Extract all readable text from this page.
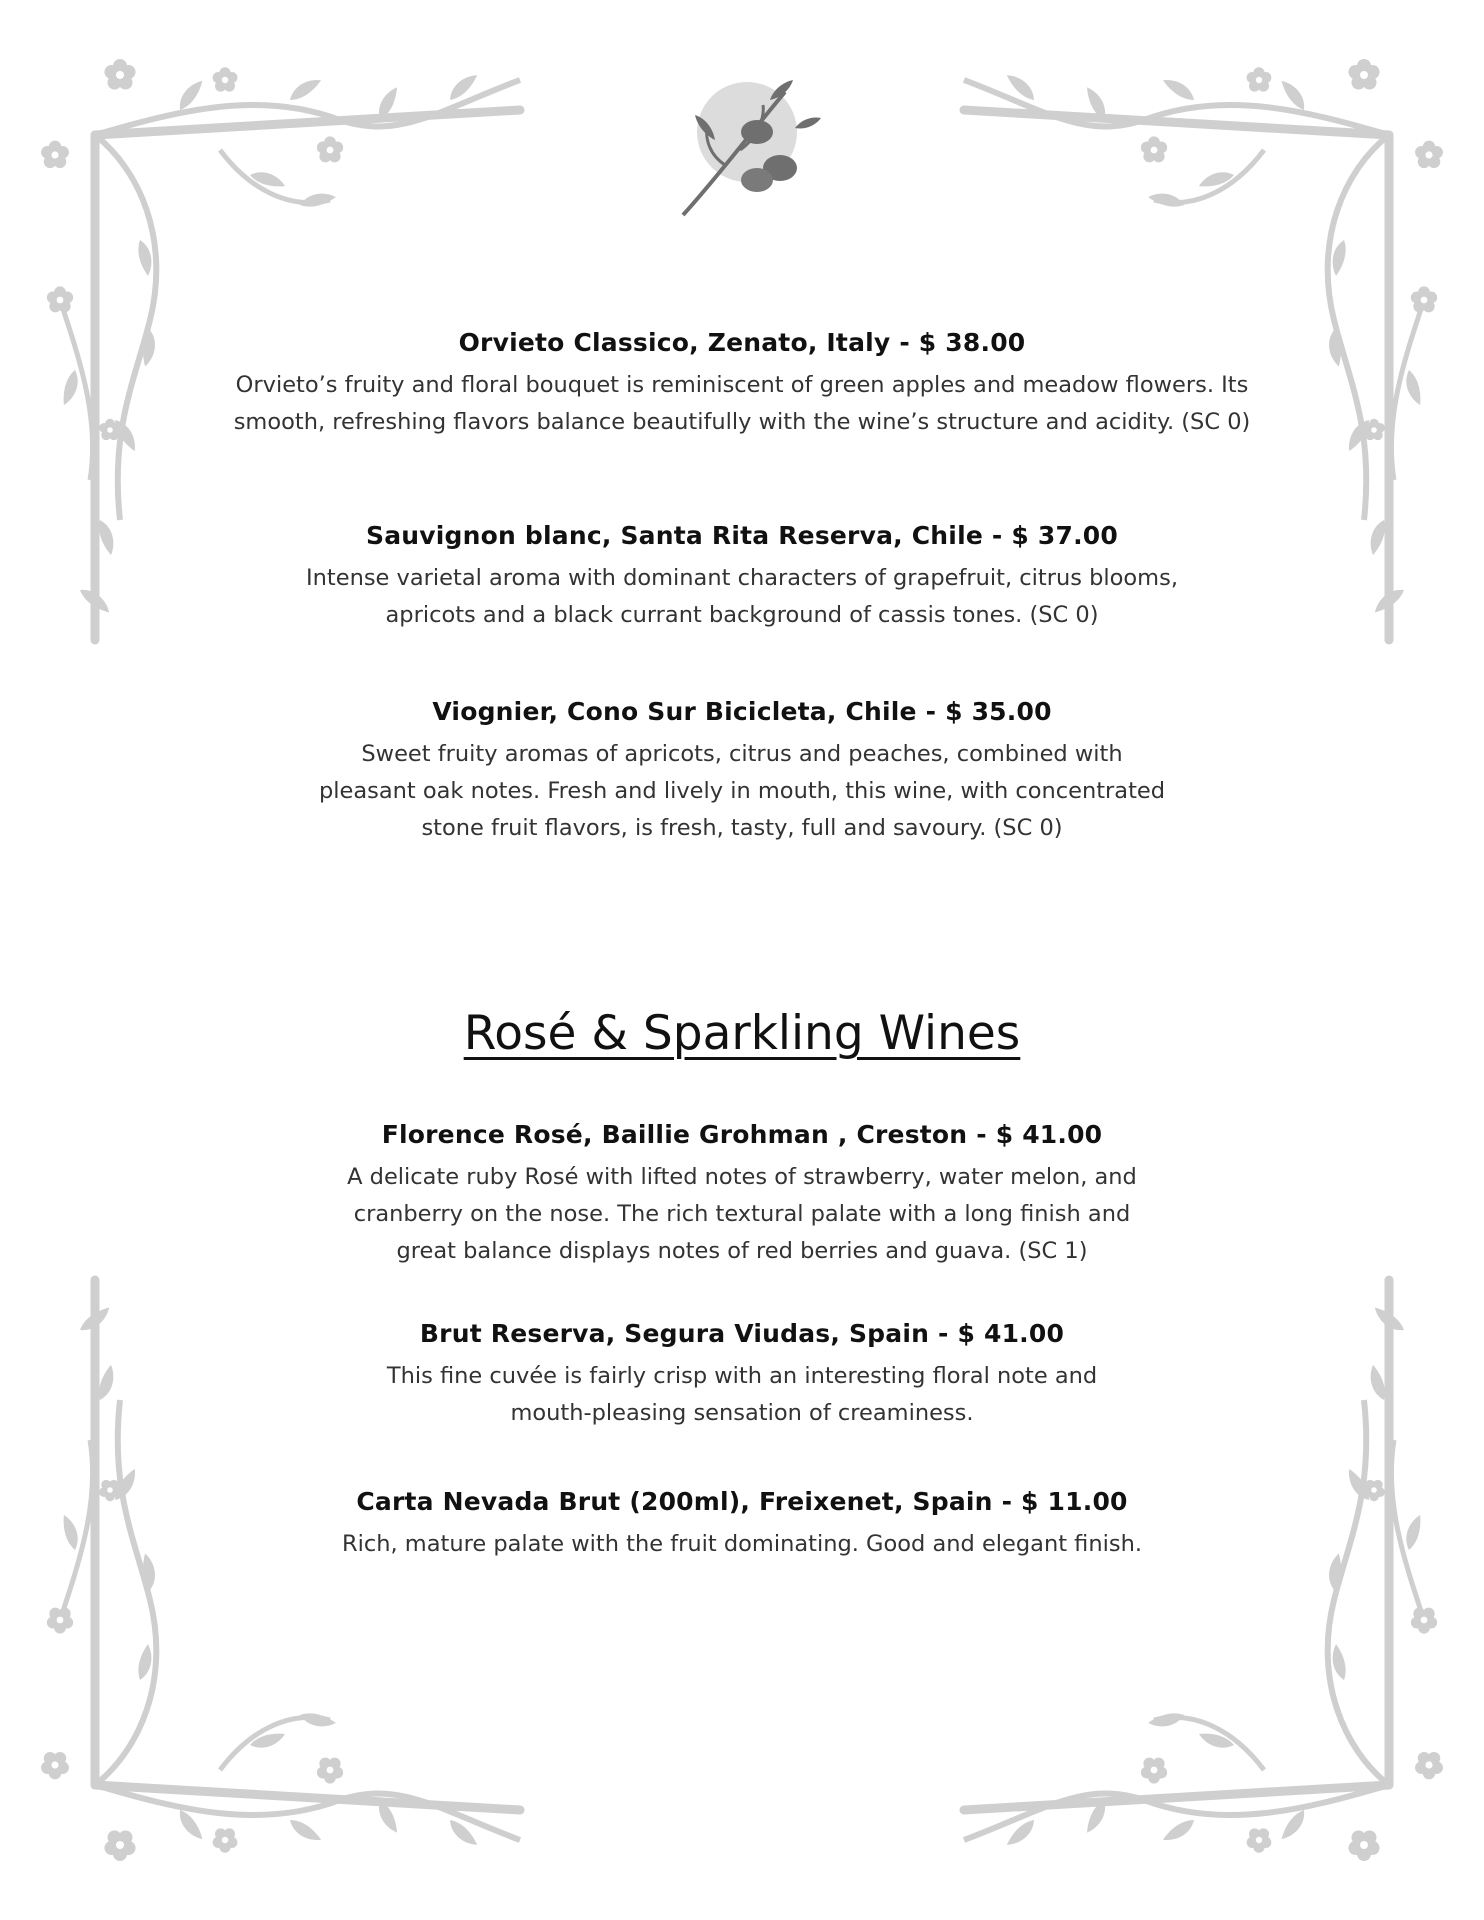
Orvieto Classico, Zenato, Italy - $ 38.00
Orvieto’s fruity and floral bouquet is reminiscent of green apples and meadow flowers. Its
smooth, refreshing flavors balance beautifully with the wine’s structure and acidity. (SC 0)
Sauvignon blanc, Santa Rita Reserva, Chile - $ 37.00
Intense varietal aroma with dominant characters of grapefruit, citrus blooms,
apricots and a black currant background of cassis tones. (SC 0)
Viognier, Cono Sur Bicicleta, Chile - $ 35.00
Sweet fruity aromas of apricots, citrus and peaches, combined with
pleasant oak notes. Fresh and lively in mouth, this wine, with concentrated
stone fruit flavors, is fresh, tasty, full and savoury. (SC 0)
Rosé & Sparkling Wines
Florence Rosé, Baillie Grohman , Creston - $ 41.00
A delicate ruby Rosé with lifted notes of strawberry, water melon, and
cranberry on the nose. The rich textural palate with a long finish and
great balance displays notes of red berries and guava. (SC 1)
Brut Reserva, Segura Viudas, Spain - $ 41.00
This fine cuvée is fairly crisp with an interesting floral note and
mouth-pleasing sensation of creaminess.
Carta Nevada Brut (200ml), Freixenet, Spain - $ 11.00
Rich, mature palate with the fruit dominating. Good and elegant finish.
